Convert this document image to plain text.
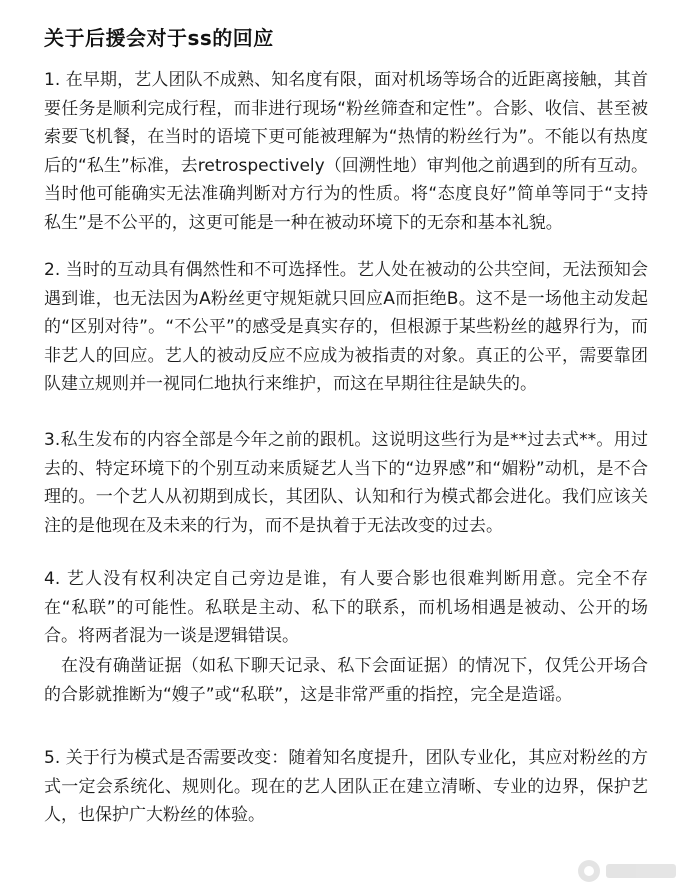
关于后援会对于ss的回应
1. 在早期，艺人团队不成熟、知名度有限，面对机场等场合的近距离接触，其首要任务是顺利完成行程，而非进行现场“粉丝筛查和定性”。合影、收信、甚至被索要飞机餐，在当时的语境下更可能被理解为“热情的粉丝行为”。不能以有热度后的“私生”标准，去retrospectively（回溯性地）审判他之前遇到的所有互动。当时他可能确实无法准确判断对方行为的性质。将“态度良好”简单等同于“支持私生”是不公平的，这更可能是一种在被动环境下的无奈和基本礼貌。
2. 当时的互动具有偶然性和不可选择性。艺人处在被动的公共空间，无法预知会遇到谁，也无法因为A粉丝更守规矩就只回应A而拒绝B。这不是一场他主动发起的“区别对待”。“不公平”的感受是真实存的，但根源于某些粉丝的越界行为，而非艺人的回应。艺人的被动反应不应成为被指责的对象。真正的公平，需要靠团队建立规则并一视同仁地执行来维护，而这在早期往往是缺失的。
3.私生发布的内容全部是今年之前的跟机。这说明这些行为是**过去式**。用过去的、特定环境下的个别互动来质疑艺人当下的“边界感”和“媚粉”动机，是不合理的。一个艺人从初期到成长，其团队、认知和行为模式都会进化。我们应该关注的是他现在及未来的行为，而不是执着于无法改变的过去。
4. 艺人没有权利决定自己旁边是谁，有人要合影也很难判断用意。完全不存在“私联”的可能性。私联是主动、私下的联系，而机场相遇是被动、公开的场合。将两者混为一谈是逻辑错误。
在没有确凿证据（如私下聊天记录、私下会面证据）的情况下，仅凭公开场合的合影就推断为“嫂子”或“私联”，这是非常严重的指控，完全是造谣。
5. 关于行为模式是否需要改变：随着知名度提升，团队专业化，其应对粉丝的方式一定会系统化、规则化。现在的艺人团队正在建立清晰、专业的边界，保护艺人，也保护广大粉丝的体验。
